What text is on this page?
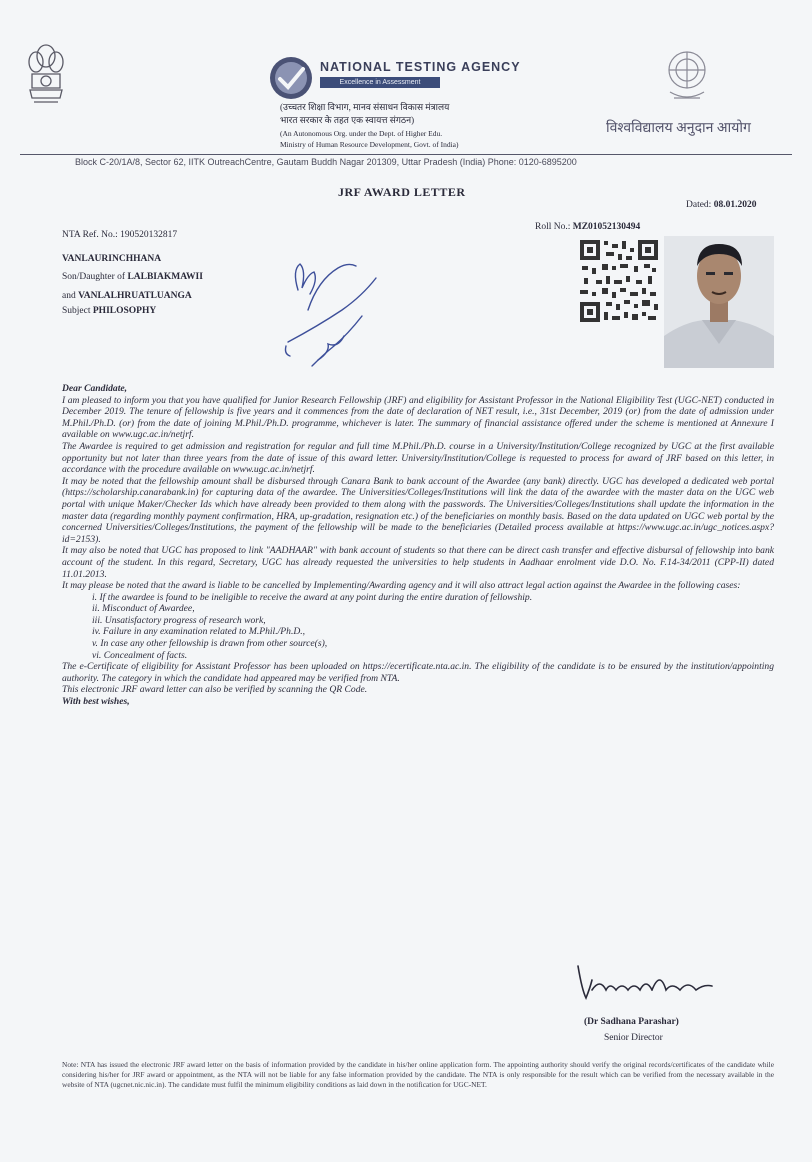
NATIONAL TESTING AGENCY
Excellence in Assessment
(उच्चतर शिक्षा विभाग, मानव संसाधन विकास मंत्रालय
भारत सरकार के तहत एक स्वायत्त संगठन)
(An Autonomous Org. under the Dept. of Higher Edu.
Ministry of Human Resource Development, Govt. of India)
विश्वविद्यालय अनुदान आयोग
Block C-20/1A/8, Sector 62, IITK OutreachCentre, Gautam Buddh Nagar 201309, Uttar Pradesh (India) Phone: 0120-6895200
JRF AWARD LETTER
Dated: 08.01.2020
NTA Ref. No.: 190520132817
VANLAURINCHHANA
Son/Daughter of LALBIAKMAWII
and VANLALHRUATLUANGA
Subject PHILOSOPHY
Roll No.: MZ01052130494

Dear Candidate,

I am pleased to inform you that you have qualified for Junior Research Fellowship (JRF) and eligibility for Assistant Professor in the National Eligibility Test (UGC-NET) conducted in December 2019. The tenure of fellowship is five years and it commences from the date of declaration of NET result, i.e., 31st December, 2019 (or) from the date of admission under M.Phil./Ph.D. (or) from the date of joining M.Phil./Ph.D. programme, whichever is later. The summary of financial assistance offered under the scheme is mentioned at Annexure I available on www.ugc.ac.in/netjrf.

The Awardee is required to get admission and registration for regular and full time M.Phil./Ph.D. course in a University/Institution/College recognized by UGC at the first available opportunity but not later than three years from the date of issue of this award letter. University/Institution/College is requested to process for award of JRF based on this letter, in accordance with the procedure available on www.ugc.ac.in/netjrf.

It may be noted that the fellowship amount shall be disbursed through Canara Bank to bank account of the Awardee (any bank) directly. UGC has developed a dedicated web portal (https://scholarship.canarabank.in) for capturing data of the awardee. The Universities/Colleges/Institutions will link the data of the awardee with the master data on the UGC web portal with unique Maker/Checker Ids which have already been provided to them along with the passwords. The Universities/Colleges/Institutions shall update the information in the master data (regarding monthly payment confirmation, HRA, up-gradation, resignation etc.) of the beneficiaries on monthly basis. Based on the data updated on UGC web portal by the concerned Universities/Colleges/Institutions, the payment of the fellowship will be made to the beneficiaries (Detailed process available at https://www.ugc.ac.in/ugc_notices.aspx?id=2153).

It may also be noted that UGC has proposed to link "AADHAAR" with bank account of students so that there can be direct cash transfer and effective disbursal of fellowship into bank account of the student. In this regard, Secretary, UGC has already requested the universities to help students in Aadhaar enrolment vide D.O. No. F.14-34/2011 (CPP-II) dated 11.01.2013.

It may please be noted that the award is liable to be cancelled by Implementing/Awarding agency and it will also attract legal action against the Awardee in the following cases:

i. If the awardee is found to be ineligible to receive the award at any point during the entire duration of fellowship.
ii. Misconduct of Awardee,
iii. Unsatisfactory progress of research work,
iv. Failure in any examination related to M.Phil./Ph.D.,
v. In case any other fellowship is drawn from other source(s),
vi. Concealment of facts.

The e-Certificate of eligibility for Assistant Professor has been uploaded on https://ecertificate.nta.ac.in. The eligibility of the candidate is to be ensured by the institution/appointing authority. The category in which the candidate had appeared may be verified from NTA.

This electronic JRF award letter can also be verified by scanning the QR Code.

With best wishes,

(Dr Sadhana Parashar)
Senior Director
Note: NTA has issued the electronic JRF award letter on the basis of information provided by the candidate in his/her online application form. The appointing authority should verify the original records/certificates of the candidate while considering his/her for JRF award or appointment, as the NTA will not be liable for any false information provided by the candidate. The NTA is only responsible for the result which can be verified from the necessary available in the website of NTA (ugcnet.nic.nic.in). The candidate must fulfil the minimum eligibility conditions as laid down in the notification for UGC-NET.
